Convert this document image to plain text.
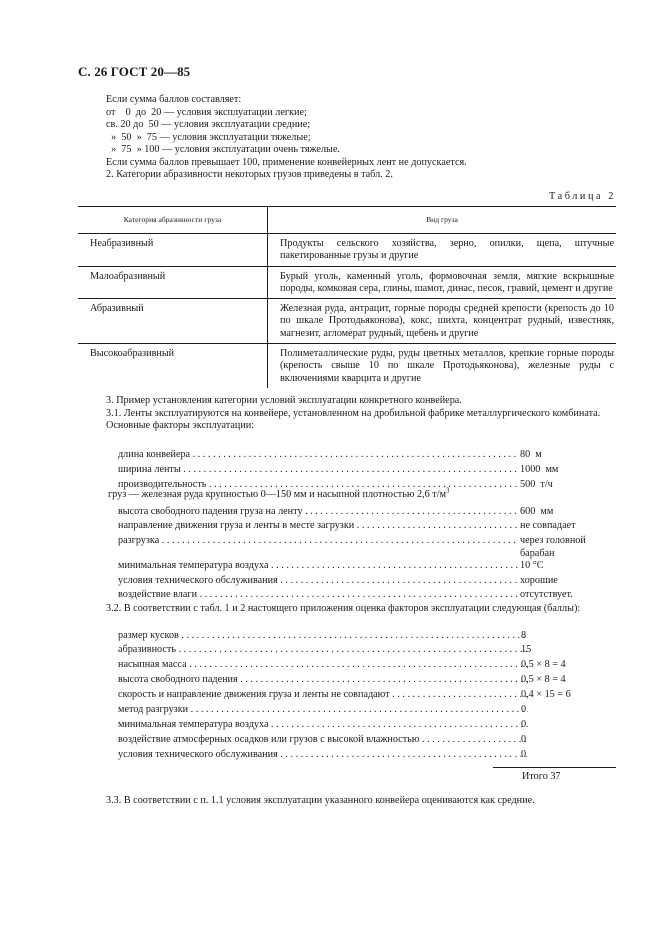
С. 26 ГОСТ 20—85
Если сумма баллов составляет:
от    0  до  20 — условия эксплуатации легкие;
св. 20 до  50 — условия эксплуатации средние;
»  50  »  75 — условия эксплуатации тяжелые;
»  75  » 100 — условия эксплуатации очень тяжелые.
Если сумма баллов превышает 100, применение конвейерных лент не допускается.
2. Категории абразивности некоторых грузов приведены в табл. 2.
Таблица 2
Категория абразивности груза	Вид груза
Неабразивный	Продукты сельского хозяйства, зерно, опилки, щепа, штучные пакетированные грузы и другие
Малоабразивный	Бурый уголь, каменный уголь, формовочная земля, мягкие вскрышные породы, комковая сера, глины, шамот, динас, песок, гравий, цемент и другие
Абразивный	Железная руда, антрацит, горные породы средней крепости (крепость до 10 по шкале Протодьяконова), кокс, шихта, концентрат рудный, известняк, магнезит, агломерат рудный, щебень и другие
Высокоабразивный	Полиметаллические руды, руды цветных металлов, крепкие горные породы (крепость свыше 10 по шкале Протодьяконова), железные руды с включениями кварцита и другие
3. Пример установления категории условий эксплуатации конкретного конвейера.
3.1. Ленты эксплуатируются на конвейере, установленном на дробильной фабрике металлургического комбината.
Основные факторы эксплуатации:
длина конвейера . . .	80  м
ширина ленты . . .	1000  мм
производительность . . .	500  т/ч
груз — железная руда крупностью 0—150 мм и насыпной плотностью 2,6 $т/м^3$
высота свободного падения груза на ленту . . .	600  мм
направление движения груза и ленты в месте загрузки . . .	не совпадает
разгрузка . . .	через головной барабан
минимальная температура воздуха . . .	10 °С
условия технического обслуживания . . .	хорошие
воздействие влаги . . .	отсутствует.
3.2. В соответствии с табл. 1 и 2 настоящего приложения оценка факторов эксплуатации следующая (баллы):
размер кусков . . .	8
абразивность . . .	15
насыпная масса . . .	0,5 × 8 = 4
высота свободного падения . . .	0,5 × 8 = 4
скорость и направление движения груза и ленты не совпадают . . .	0,4 × 15 = 6
метод разгрузки . . .	0
минимальная температура воздуха . . .	0
воздействие атмосферных осадков или грузов с высокой влажностью . . .	0
условия технического обслуживания . . .	0
Итого 37
3.3. В соответствии с п. 1.1 условия эксплуатации указанного конвейера оцениваются как средние.
